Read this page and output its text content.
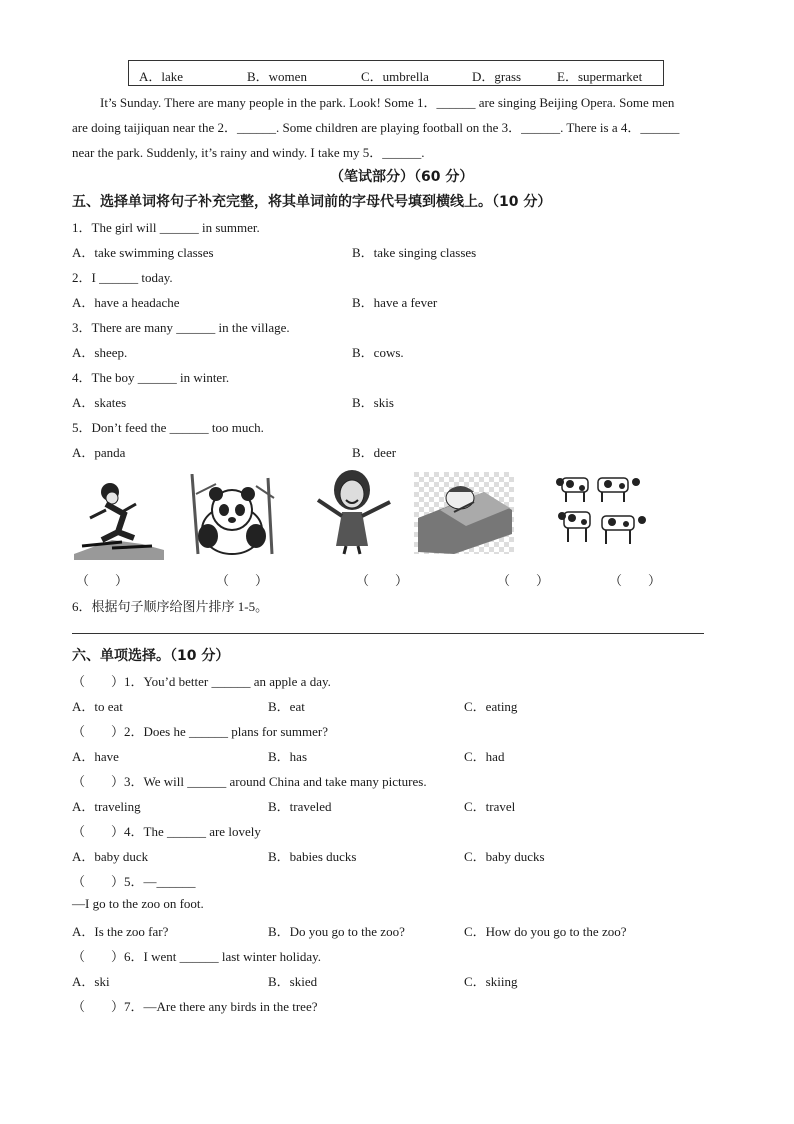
A．lake	B．women	C．umbrella	D．grass	E．supermarket
It’s Sunday. There are many people in the park. Look! Some 1．______ are singing Beijing Opera. Some men
are doing taijiquan near the 2．______. Some children are playing football on the 3．______. There is a 4．______
near the park. Suddenly, it’s rainy and windy. I take my 5．______.
（笔试部分）（60 分）
五、选择单词将句子补充完整，将其单词前的字母代号填到横线上。（10 分）
1．The girl will ______ in summer.
A．take swimming classes	B．take singing classes
2．I ______ today.
A．have a headache	B．have a fever
3．There are many ______ in the village.
A．sheep.	B．cows.
4．The boy ______ in winter.
A．skates	B．skis
5．Don’t feed the ______ too much.
A．panda	B．deer
（　　）	（　　）	（　　）	（　　）	（　　）
6．根据句子顺序给图片排序 1-5。
六、单项选择。（10 分）
（　　）1．You’d better ______ an apple a day.
A．to eat	B．eat	C．eating
（　　）2．Does he ______ plans for summer?
A．have	B．has	C．had
（　　）3．We will ______ around China and take many pictures.
A．traveling	B．traveled	C．travel
（　　）4．The ______ are lovely
A．baby duck	B．babies ducks	C．baby ducks
（　　）5．—______
—I go to the zoo on foot.
A．Is the zoo far?	B．Do you go to the zoo?	C．How do you go to the zoo?
（　　）6．I went ______ last winter holiday.
A．ski	B．skied	C．skiing
（　　）7．—Are there any birds in the tree?
